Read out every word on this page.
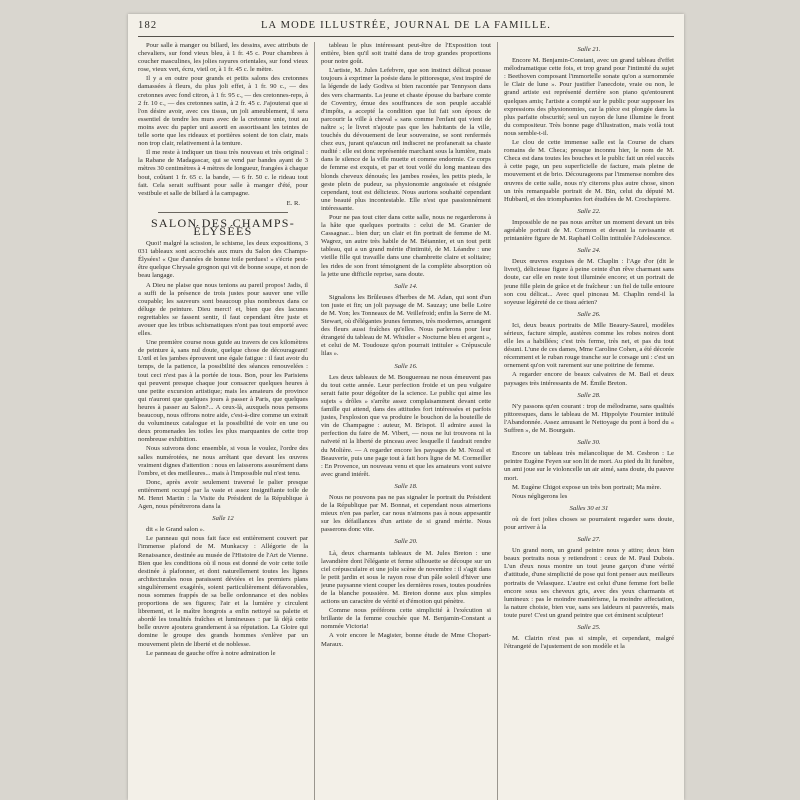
182	LA MODE ILLUSTRÉE, JOURNAL DE LA FAMILLE.

Pour salle à manger ou billard, les dessins, avec attributs de chevaliers, sur fond vieux bleu, à 1 fr. 45 c. Pour chambres à coucher masculines, les jolies rayures orientales, sur fond vieux rose, vieux vert, écru, vieil or, à 1 fr. 45 c. le mètre.

Il y a en outre pour grands et petits salons des cretonnes damassées à fleurs, du plus joli effet, à 1 fr. 90 c., — des cretonnes avec fond citron, à 1 fr. 95 c., — des cretonnes-reps, à 2 fr. 10 c., — des cretonnes satin, à 2 fr. 45 c. J'ajouterai que si l'on désire avoir, avec ces tissus, un joli ameublement, il sera essentiel de tendre les murs avec de la cretonne unie, tout au moins avec du papier uni assorti en assortissant les teintes de telle sorte que les rideaux et portières soient de ton clair, mais non trop clair, relativement à la tenture.

Il me reste à indiquer un tissu très nouveau et très original : la Rabane de Madagascar, qui se vend par bandes ayant de 3 mètres 30 centimètres à 4 mètres de longueur, frangées à chaque bout, coûtant 1 fr. 65 c. la bande, — 6 fr. 50 c. le rideau tout fait. Cela serait suffisant pour salle à manger d'été, pour vestibule et salle de billard à la campagne.

E. R.
SALON DES CHAMPS-ÉLYSÉES

Quoi! malgré la scission, le schisme, les deux expositions, 3 031 tableaux sont accrochés aux murs du Salon des Champs-Élysées! « Que d'années de bonne toile perdues! » s'écrie peut-être quelque Chrysale grognon qui vit de bonne soupe, et non de beau langage.

A Dieu ne plaise que nous tenions au pareil propos! Jadis, il a suffi de la présence de trois justes pour sauver une ville coupable; les sauveurs sont beaucoup plus nombreux dans ce déluge de peinture. Dieu merci! et, bien que des lacunes regrettables se fassent sentir, il faut cependant être juste et avouer que les tribus schismatiques n'ont pas tout emporté avec elles.

Une première course nous guide au travers de ces kilomètres de peinture à, sans nul doute, quelque chose de décourageant! L'œil et les jambes éprouvent une égale fatigue : il faut avoir du temps, de la patience, la possibilité des séances renouvelées : tout ceci n'est pas à la portée de tous. Bon, pour les Parisiens qui peuvent presque chaque jour consacrer quelques heures à une petite excursion artistique; mais les amateurs de province qui n'auront que quelques jours à passer à Paris, que quelques heures à passer au Salon?... A ceux-là, auxquels nous pensons beaucoup, nous offrons notre aide, c'est-à-dire comme un extrait du volumineux catalogue et la possibilité de voir en une ou deux promenades les toiles les plus marquantes de cette trop nombreuse exhibition.

Nous suivrons donc ensemble, si vous le voulez, l'ordre des salles numérotées, ne nous arrêtant que devant les œuvres vraiment dignes d'attention : nous en laisserons assurément dans l'ombre, et des meilleures... mais à l'impossible nul n'est tenu.

Donc, après avoir seulement traversé le palier presque entièrement occupé par la vaste et assez insignifiante toile de M. Henri Martin : la Visite du Président de la République à Agen, nous pénétrerons dans la

Salle 12

dit « le Grand salon ».

Le panneau qui nous fait face est entièrement couvert par l'immense plafond de M. Munkacsy : Allégorie de la Renaissance, destinée au musée de l'Histoire de l'Art de Vienne. Bien que les conditions où il nous est donné de voir cette toile destinée à plafonner, et dont naturellement toutes les lignes architecturales nous paraissent déviées et les premiers plans singulièrement exagérés, soient particulièrement défavorables, nous sommes frappés de sa belle ordonnance et des nobles proportions de ses figures; l'air et la lumière y circulent librement, et le maître hongrois a enfin nettoyé sa palette et abordé les tonalités fraîches et lumineuses : par là déjà cette belle œuvre ajoutera grandement à sa réputation. La Gloire qui domine le groupe des grands hommes s'enlève par un mouvement plein de liberté et de noblesse.

Le panneau de gauche offre à notre admiration le

tableau le plus intéressant peut-être de l'Exposition tout entière, bien qu'il soit traité dans de trop grandes proportions pour notre goût.

L'artiste, M. Jules Lefebvre, que son instinct délicat pousse toujours à exprimer la poésie dans le pittoresque, s'est inspiré de la légende de lady Godiva si bien racontée par Tennyson dans des vers charmants. La jeune et chaste épouse du barbare comte de Coventry, émue des souffrances de son peuple accablé d'impôts, a accepté la condition que lui fait son époux de parcourir la ville à cheval « sans comme l'enfant qui vient de naître »; le livret n'ajoute pas que les habitants de la ville, touchés du dévouement de leur souveraine, se sont renfermés chez eux, jurant qu'aucun œil indiscret ne profanerait sa chaste nudité : elle est donc représentée marchant sous la lumière, mais dans le silence de la ville muette et comme endormie. Ce corps de femme est exquis, et par et tout voilé du long manteau des blonds cheveux dénoués; les jambes rosées, les petits pieds, le geste plein de pudeur, sa physionomie angoissée et résignée cependant, tout est délicieux. Nous aurions souhaité cependant une beauté plus incontestable. Elle n'est que passionnément intéressante.

Pour ne pas tout citer dans cette salle, nous ne regarderons à la hâte que quelques portraits : celui de M. Granier de Cassagnac... bien dur; un clair et fin portrait de femme de M. Wagrez, un autre très habile de M. Bétannier, et un tout petit tableau, qui a un grand mérite d'intimité, de M. Léandre : une vieille fille qui travaille dans une chambrette claire et solitaire; les rides de son front témoignent de la complète absorption où la jette une difficile reprise, sans doute.

Salle 14.

Signalons les Brûleuses d'herbes de M. Adan, qui sont d'un ton juste et fin; un joli paysage de M. Sauzay; une belle Loire de M. Yon; les Tonneaux de M. Veillefroid; enfin la Serre de M. Stewart, où d'élégantes jeunes femmes, très modernes, arrangent des fleurs aussi fraîches qu'elles. Nous parlerons pour leur étrangeté du tableau de M. Whistler « Nocturne bleu et argent », et celui de M. Toudouze qu'on pourrait intituler « Crépuscule lilas ».

Salle 16.

Les deux tableaux de M. Bouguereau ne nous émeuvent pas du tout cette année. Leur perfection froide et un peu vulgaire serait faite pour dégoûter de la science. Le public qui aime les sujets « drôles » s'arrête assez complaisamment devant cette famille qui attend, dans des attitudes fort intéressées et parfois justes, l'explosion que va produire le bouchon de la bouteille de vin de Champagne : auteur, M. Brispot. Il admire aussi la perfection du faire de M. Vibert, — nous ne lui trouvons ni la naïveté ni la liberté de pinceau avec lesquelle il faudrait rendre du Molière. — A regarder encore les paysages de M. Nozal et Beauverie, puis une page tout à fait hors ligne de M. Cormeiller : En Provence, un nouveau venu et que les amateurs vont suivre avec grand intérêt.

Salle 18.

Nous ne pouvons pas ne pas signaler le portrait du Président de la République par M. Bonnat, et cependant nous aimerions mieux n'en pas parler, car nous n'aimons pas à nous appesantir sur les défaillances d'un artiste de si grand mérite. Nous passerons donc vite.

Salle 20.

Là, deux charmants tableaux de M. Jules Breton : une lavandière dont l'élégante et ferme silhouette se découpe sur un ciel crépusculaire et une jolie scène de novembre : il s'agit dans le petit jardin et sous le rayon rose d'un pâle soleil d'hiver une jeune paysanne vient couper les dernières roses, toutes poudrées de la blanche poussière. M. Breton donne aux plus simples actions un caractère de vérité et d'émotion qui pénètre.

Comme nous préférons cette simplicité à l'exécution si brillante de la femme couchée que M. Benjamin-Constant a nommée Victoria!

A voir encore le Magister, bonne étude de Mme Chopart-Maraux.

Salle 21.

Encore M. Benjamin-Constant, avec un grand tableau d'effet mélodramatique cette fois, et trop grand pour l'intimité du sujet : Beethoven composant l'immortelle sonate qu'on a surnommée le Clair de lune ». Pour justifier l'anecdote, vraie ou non, le grand artiste est représenté derrière son piano qu'entourent quelques amis; l'artiste a compté sur le public pour supposer les expressions des physionomies, car la pièce est plongée dans la plus parfaite obscurité; seul un rayon de lune illumine le front du compositeur. Très bonne page d'illustration, mais voilà tout nous semble-t-il.

Le clou de cette immense salle est la Course de chars romains de M. Checa; presque inconnu hier, le nom de M. Checa est dans toutes les bouches et le public fait un réel succès à cette page, un peu superficielle de facture, mais pleine de mouvement et de brio. Décourageons par l'immense nombre des œuvres de cette salle, nous n'y citerons plus autre chose, sinon un très remarquable portrait de M. Bin, celui du député M. Hubbard, et des triomphantes fort étudiées de M. Crochepierre.

Salle 22.

Impossible de ne pas nous arrêter un moment devant un très agréable portrait de M. Cormon et devant la ravissante et printanière figure de M. Raphaël Collin intitulée l'Adolescence.

Salle 24.

Deux œuvres exquises de M. Chaplin : l'Age d'or (dit le livret), délicieuse figure à peine ceinte d'un rêve charmant sans doute, car elle en reste tout illuminée encore; et un portrait de jeune fille plein de grâce et de fraîcheur : un fiel de tulle entoure son cou délicat... Avec quel pinceau M. Chaplin rend-il la soyeuse légèreté de ce tissu aérien?

Salle 26.

Ici, deux beaux portraits de Mlle Beaury-Saurel, modèles sérieux, facture simple, austères comme les robes noires dont elle les a habillées; c'est très ferme, très net, et pas du tout désuni. L'une de ces dames, Mme Caroline Cohen, a été décorée récemment et le ruban rouge tranche sur le corsage uni : c'est un ornement qu'on voit rarement sur une poitrine de femme.

A regarder encore de beaux calvaires de M. Bail et deux paysages très intéressants de M. Émile Breton.

Salle 28.

N'y passons qu'en courant : trop de mélodrame, sans qualités pittoresques, dans le tableau de M. Hippolyte Fournier intitulé l'Abandonnée. Assez amusant le Nettoyage du pont à bord du « Suffren », de M. Bourgain.

Salle 30.

Encore un tableau très mélancolique de M. Cesbron : Le peintre Eugène Feyen sur son lit de mort. Au pied du lit funèbre, un ami joue sur le violoncelle un air aimé, sans doute, du pauvre mort.

M. Eugène Chigot expose un très bon portrait; Ma mère.

Nous négligerons les

Salles 30 et 31

où de fort jolies choses se pourraient regarder sans doute, pour arriver à la

Salle 27.

Un grand nom, un grand peintre nous y attire; deux bien beaux portraits nous y retiendront : ceux de M. Paul Dubois. L'un d'eux nous montre un tout jeune garçon d'une vérité d'attitude, d'une simplicité de pose qui font penser aux meilleurs portraits de Velasquez. L'autre est celui d'une femme fort belle encore sous ses cheveux gris, avec des yeux charmants et lumineux : pas le moindre maniérisme, la moindre affectation, la nature choisie, bien vue, sans ses laideurs ni pauvretés, mais toute pure! C'est un grand peintre que cet éminent sculpteur!

Salle 25.

M. Clairin n'est pas si simple, et cependant, malgré l'étrangeté de l'ajustement de son modèle et la
